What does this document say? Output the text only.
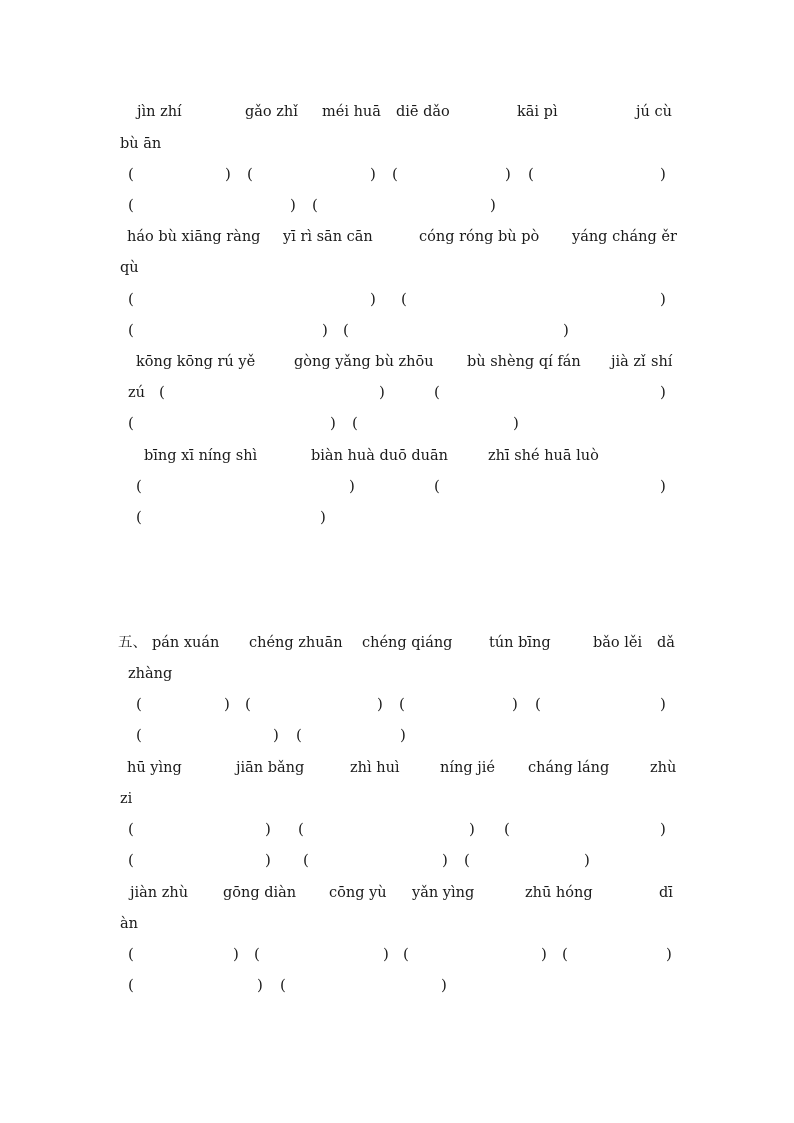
jìn zhí	gǎo zhǐ méi huā diē dǎo	kāi pì	jú cù
bù ān
(	) (	) (	) (	)
(	) (	)
háo bù xiāng ràng yī rì sān cān	cóng róng bù pò yáng cháng ěr
qù
(	) (	)
(	) (	)
kōng kōng rú yě	gòng yǎng bù zhōu bù shèng qí fán jià zǐ shí
zú (	)	(	)
(	) (	)
bīng xī níng shì	biàn huà duō duān	zhī shé huā luò
(	)	(	)
(	)
五、 pán xuán chéng zhuān chéng qiáng	tún bīng	bǎo lěi dǎ
zhàng
(	) (	) (	) (	)
(	) (	)
hū yìng	jiān bǎng	zhì huì	níng jié cháng láng	zhù
zi
(	) (	) (	)
(	) (	) (	)
jiàn zhù gōng diàn cōng yù yǎn yìng	zhū hóng	dī
àn
(	) (	) (	) (	)
(	) (	)
